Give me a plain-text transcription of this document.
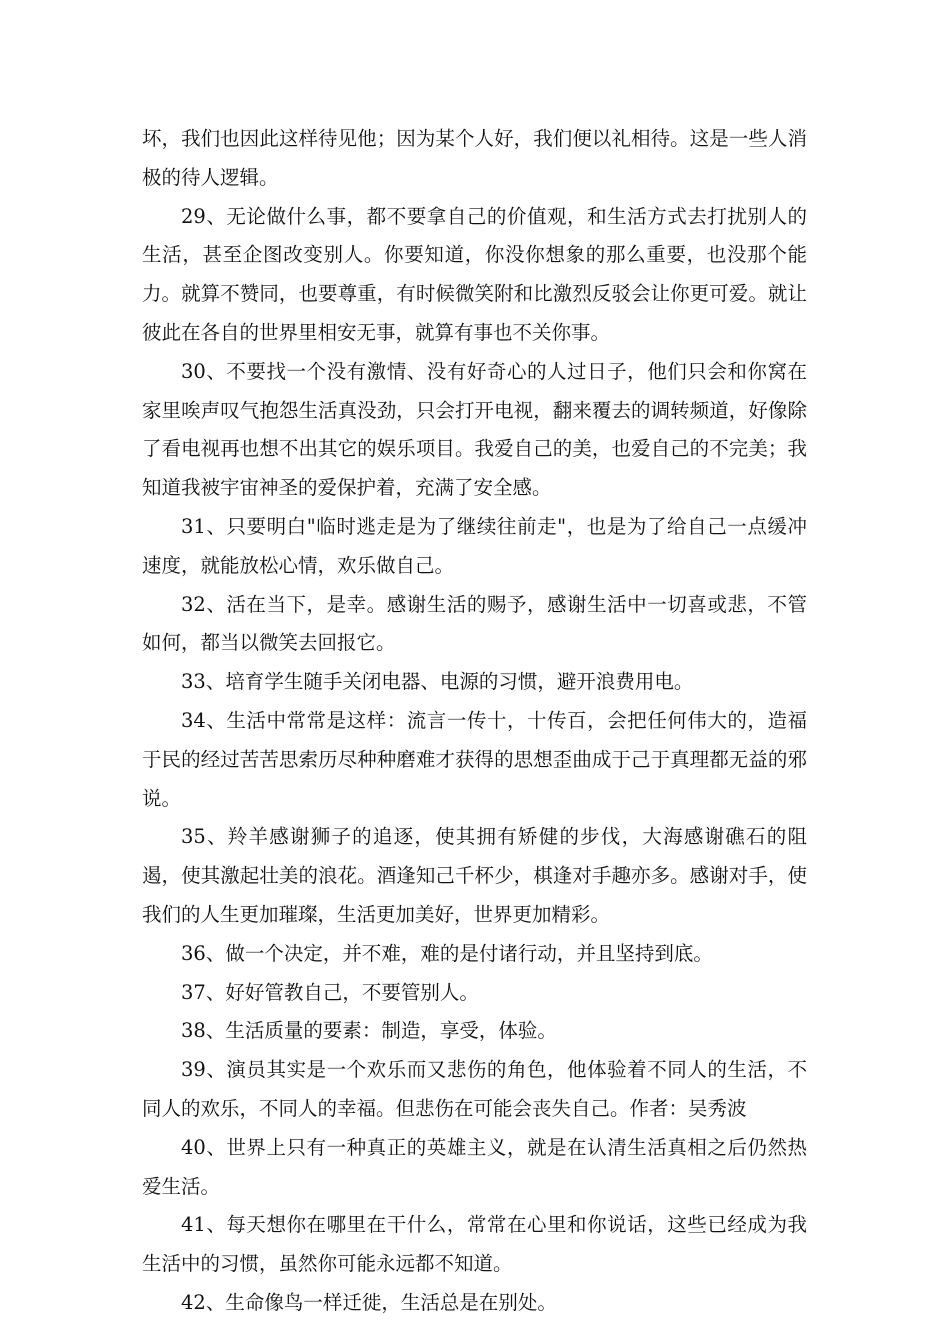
坏，我们也因此这样待见他；因为某个人好，我们便以礼相待。这是一些人消极的待人逻辑。

29、无论做什么事，都不要拿自己的价值观，和生活方式去打扰别人的生活，甚至企图改变别人。你要知道，你没你想象的那么重要，也没那个能力。就算不赞同，也要尊重，有时候微笑附和比激烈反驳会让你更可爱。就让彼此在各自的世界里相安无事，就算有事也不关你事。

30、不要找一个没有激情、没有好奇心的人过日子，他们只会和你窝在家里唉声叹气抱怨生活真没劲，只会打开电视，翻来覆去的调转频道，好像除了看电视再也想不出其它的娱乐项目。我爱自己的美，也爱自己的不完美；我知道我被宇宙神圣的爱保护着，充满了安全感。

31、只要明白"临时逃走是为了继续往前走"，也是为了给自己一点缓冲速度，就能放松心情，欢乐做自己。

32、活在当下，是幸。感谢生活的赐予，感谢生活中一切喜或悲，不管如何，都当以微笑去回报它。

33、培育学生随手关闭电器、电源的习惯，避开浪费用电。

34、生活中常常是这样：流言一传十，十传百，会把任何伟大的，造福于民的经过苦苦思索历尽种种磨难才获得的思想歪曲成于己于真理都无益的邪说。

35、羚羊感谢狮子的追逐，使其拥有矫健的步伐，大海感谢礁石的阻遏，使其激起壮美的浪花。酒逢知己千杯少，棋逢对手趣亦多。感谢对手，使我们的人生更加璀璨，生活更加美好，世界更加精彩。

36、做一个决定，并不难，难的是付诸行动，并且坚持到底。

37、好好管教自己，不要管别人。

38、生活质量的要素：制造，享受，体验。

39、演员其实是一个欢乐而又悲伤的角色，他体验着不同人的生活，不同人的欢乐，不同人的幸福。但悲伤在可能会丧失自己。作者：吴秀波

40、世界上只有一种真正的英雄主义，就是在认清生活真相之后仍然热爱生活。

41、每天想你在哪里在干什么，常常在心里和你说话，这些已经成为我生活中的习惯，虽然你可能永远都不知道。

42、生命像鸟一样迁徙，生活总是在别处。
